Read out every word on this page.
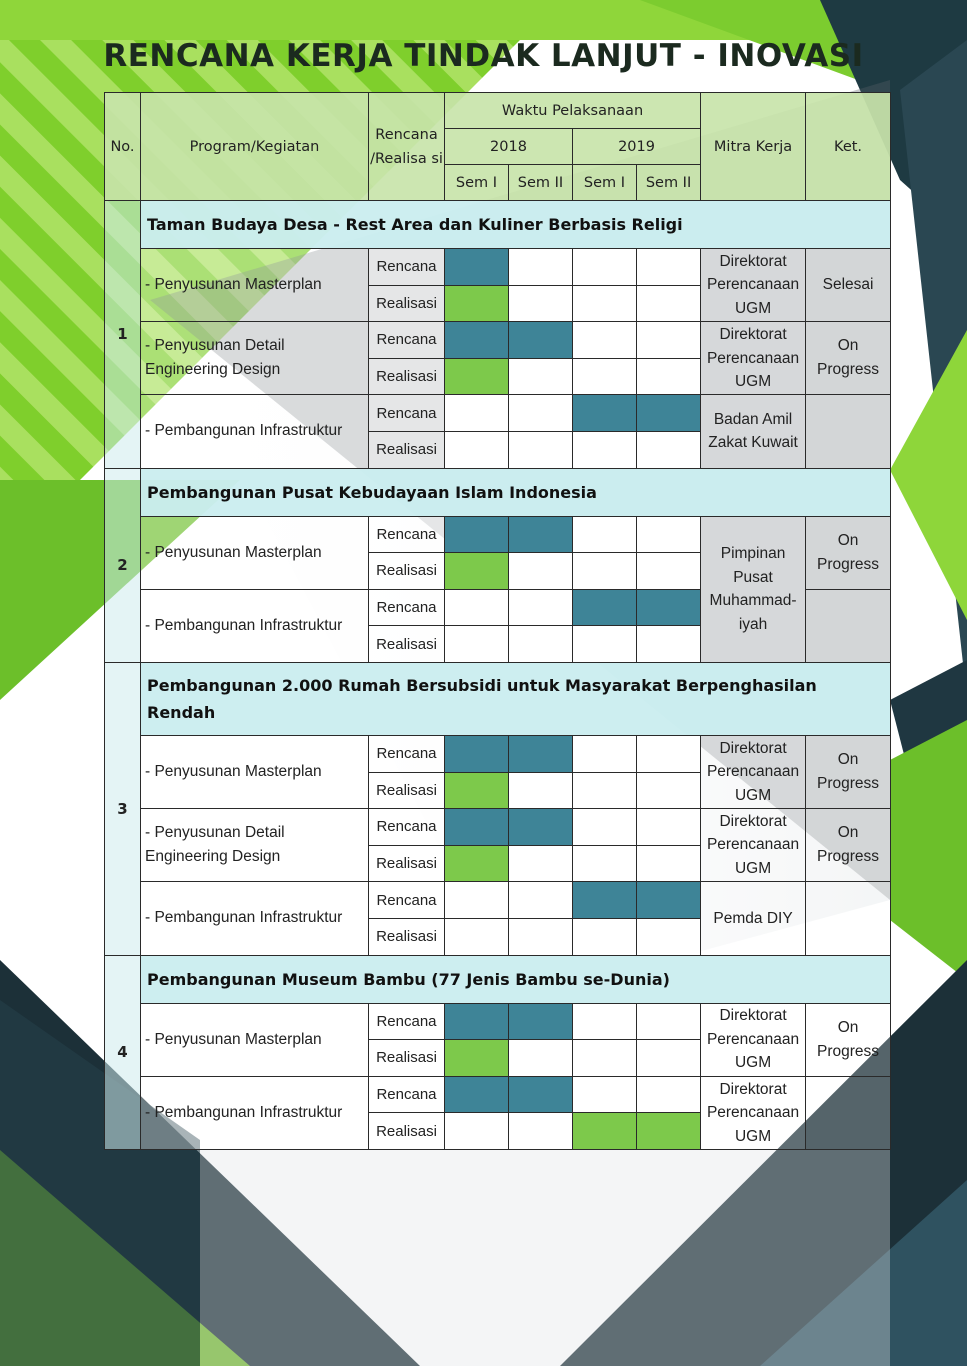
RENCANA KERJA TINDAK LANJUT - INOVASI
No.	Program/Kegiatan	Rencana /Realisa si	Waktu Pelaksanaan				Mitra Kerja	Ket.
			2018		2019			
			Sem I	Sem II	Sem I	Sem II		
1	Taman Budaya Desa - Rest Area dan Kuliner Berbasis Religi							
	- Penyusunan Masterplan	Rencana					Direktorat Perencanaan UGM	Selesai
		Realisasi						
	- Penyusunan Detail Engineering Design	Rencana					Direktorat Perencanaan UGM	On Progress
		Realisasi						
	- Pembangunan Infrastruktur	Rencana					Badan Amil Zakat Kuwait	
		Realisasi						
2	Pembangunan Pusat Kebudayaan Islam Indonesia							
	- Penyusunan Masterplan	Rencana					Pimpinan Pusat Muhammad-iyah	On Progress
		Realisasi						
	- Pembangunan Infrastruktur	Rencana						
		Realisasi						
3	Pembangunan 2.000 Rumah Bersubsidi untuk Masyarakat Berpenghasilan Rendah							
	- Penyusunan Masterplan	Rencana					Direktorat Perencanaan UGM	On Progress
		Realisasi						
	- Penyusunan Detail Engineering Design	Rencana					Direktorat Perencanaan UGM	On Progress
		Realisasi						
	- Pembangunan Infrastruktur	Rencana					Pemda DIY	
		Realisasi						
4	Pembangunan Museum Bambu (77 Jenis Bambu se-Dunia)							
	- Penyusunan Masterplan	Rencana					Direktorat Perencanaan UGM	On Progress
		Realisasi						
	- Pembangunan Infrastruktur	Rencana					Direktorat Perencanaan UGM	
		Realisasi						
